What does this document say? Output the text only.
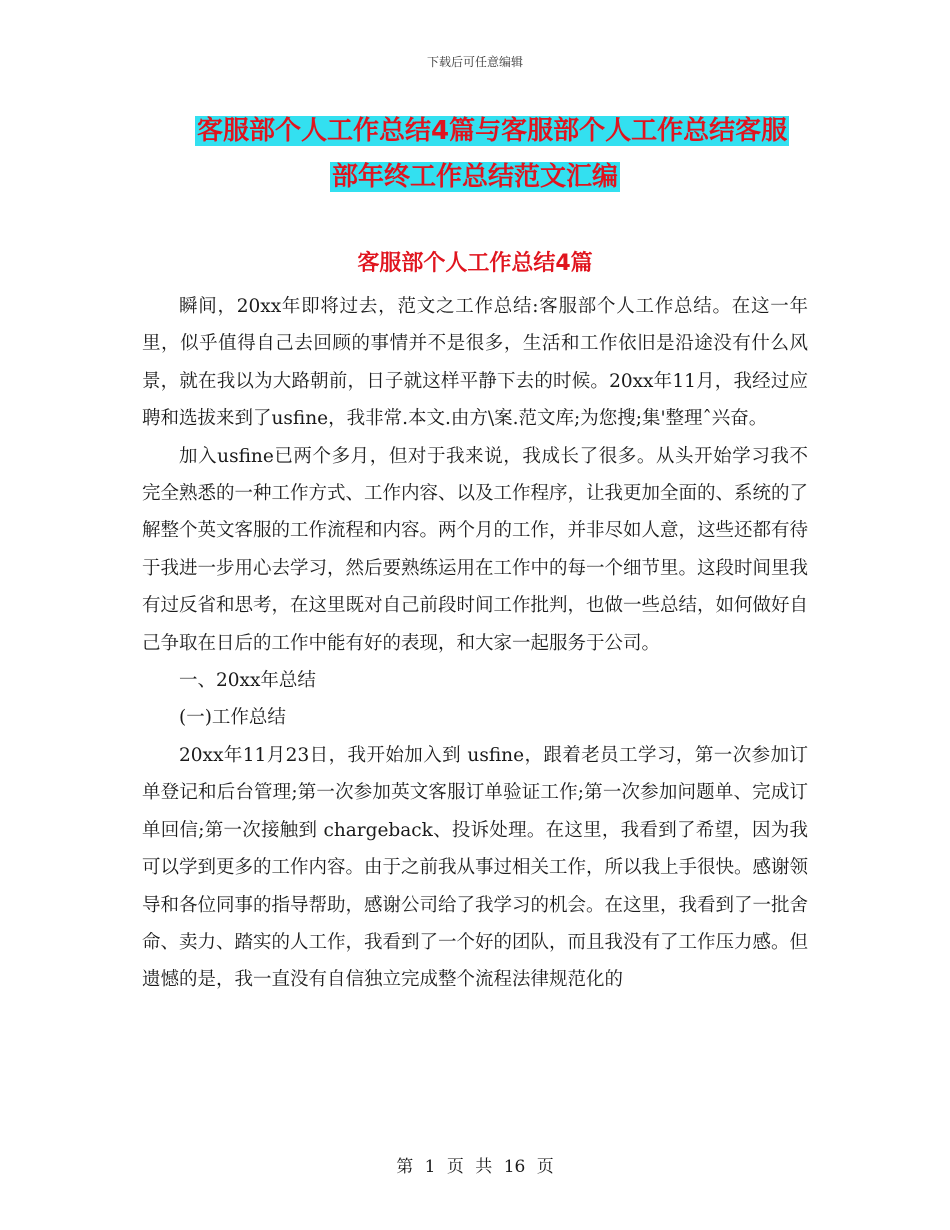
下载后可任意编辑
客服部个人工作总结4篇与客服部个人工作总结客服
部年终工作总结范文汇编
客服部个人工作总结4篇

瞬间，20xx年即将过去，范文之工作总结:客服部个人工作总结。在这一年里，似乎值得自己去回顾的事情并不是很多，生活和工作依旧是沿途没有什么风景，就在我以为大路朝前，日子就这样平静下去的时候。20xx年11月，我经过应聘和选拔来到了usfine，我非常.本文.由方\案.范文库;为您搜;集'整理ˆ兴奋。

加入usfine已两个多月，但对于我来说，我成长了很多。从头开始学习我不完全熟悉的一种工作方式、工作内容、以及工作程序，让我更加全面的、系统的了解整个英文客服的工作流程和内容。两个月的工作，并非尽如人意，这些还都有待于我进一步用心去学习，然后要熟练运用在工作中的每一个细节里。这段时间里我有过反省和思考，在这里既对自己前段时间工作批判，也做一些总结，如何做好自己争取在日后的工作中能有好的表现，和大家一起服务于公司。

一、20xx年总结

(一)工作总结

20xx年11月23日，我开始加入到 usfine，跟着老员工学习，第一次参加订单登记和后台管理;第一次参加英文客服订单验证工作;第一次参加问题单、完成订单回信;第一次接触到 chargeback、投诉处理。在这里，我看到了希望，因为我可以学到更多的工作内容。由于之前我从事过相关工作，所以我上手很快。感谢领导和各位同事的指导帮助，感谢公司给了我学习的机会。在这里，我看到了一批舍命、卖力、踏实的人工作，我看到了一个好的团队，而且我没有了工作压力感。但遗憾的是，我一直没有自信独立完成整个流程法律规范化的

第 1 页 共 16 页
